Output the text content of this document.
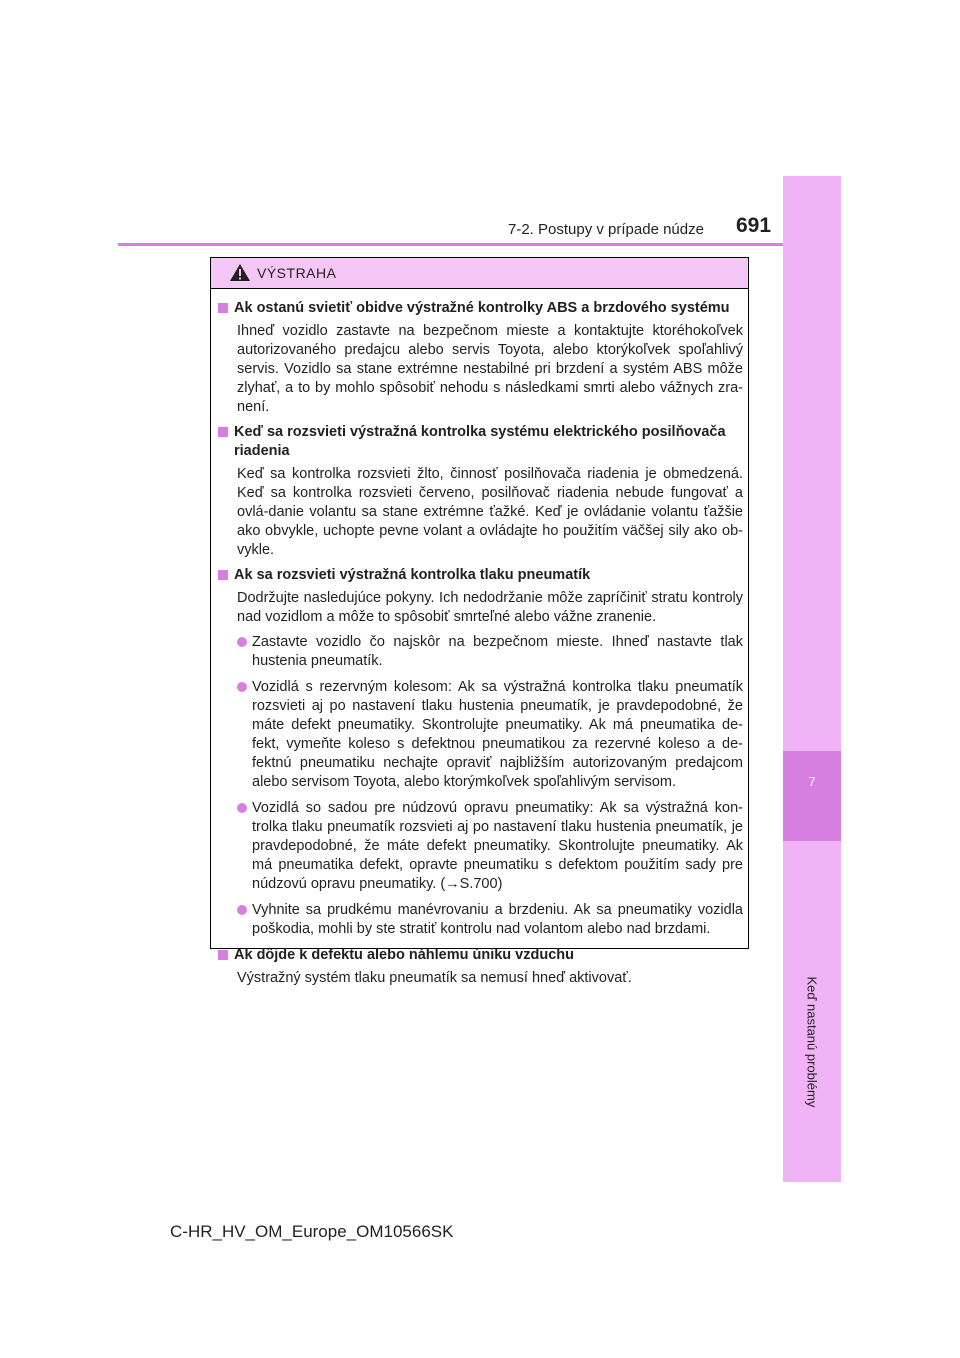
7
Keď nastanú problémy
7-2. Postupy v prípade núdze 691
VÝSTRAHA
Ak ostanú svietiť obidve výstražné kontrolky ABS a brzdového systému
Ihneď vozidlo zastavte na bezpečnom mieste a kontaktujte ktoréhokoľvek autorizovaného predajcu alebo servis Toyota, alebo ktorýkoľvek spoľahlivý servis. Vozidlo sa stane extrémne nestabilné pri brzdení a systém ABS môže zlyhať, a to by mohlo spôsobiť nehodu s následkami smrti alebo vážnych zra-není.
Keď sa rozsvieti výstražná kontrolka systému elektrického posilňovača riadenia
Keď sa kontrolka rozsvieti žlto, činnosť posilňovača riadenia je obmedzená. Keď sa kontrolka rozsvieti červeno, posilňovač riadenia nebude fungovať a ovlá-danie volantu sa stane extrémne ťažké. Keď je ovládanie volantu ťažšie ako obvykle, uchopte pevne volant a ovládajte ho použitím väčšej sily ako ob-vykle.
Ak sa rozsvieti výstražná kontrolka tlaku pneumatík
Dodržujte nasledujúce pokyny. Ich nedodržanie môže zapríčiniť stratu kontroly nad vozidlom a môže to spôsobiť smrteľné alebo vážne zranenie.
Zastavte vozidlo čo najskôr na bezpečnom mieste. Ihneď nastavte tlak hustenia pneumatík.
Vozidlá s rezervným kolesom: Ak sa výstražná kontrolka tlaku pneumatík rozsvieti aj po nastavení tlaku hustenia pneumatík, je pravdepodobné, že máte defekt pneumatiky. Skontrolujte pneumatiky. Ak má pneumatika de-fekt, vymeňte koleso s defektnou pneumatikou za rezervné koleso a de-fektnú pneumatiku nechajte opraviť najbližším autorizovaným predajcom alebo servisom Toyota, alebo ktorýmkoľvek spoľahlivým servisom.
Vozidlá so sadou pre núdzovú opravu pneumatiky: Ak sa výstražná kon-trolka tlaku pneumatík rozsvieti aj po nastavení tlaku hustenia pneumatík, je pravdepodobné, že máte defekt pneumatiky. Skontrolujte pneumatiky. Ak má pneumatika defekt, opravte pneumatiku s defektom použitím sady pre núdzovú opravu pneumatiky. (→S.700)
Vyhnite sa prudkému manévrovaniu a brzdeniu. Ak sa pneumatiky vozidla poškodia, mohli by ste stratiť kontrolu nad volantom alebo nad brzdami.
Ak dôjde k defektu alebo náhlemu úniku vzduchu
Výstražný systém tlaku pneumatík sa nemusí hneď aktivovať.
C-HR_HV_OM_Europe_OM10566SK
